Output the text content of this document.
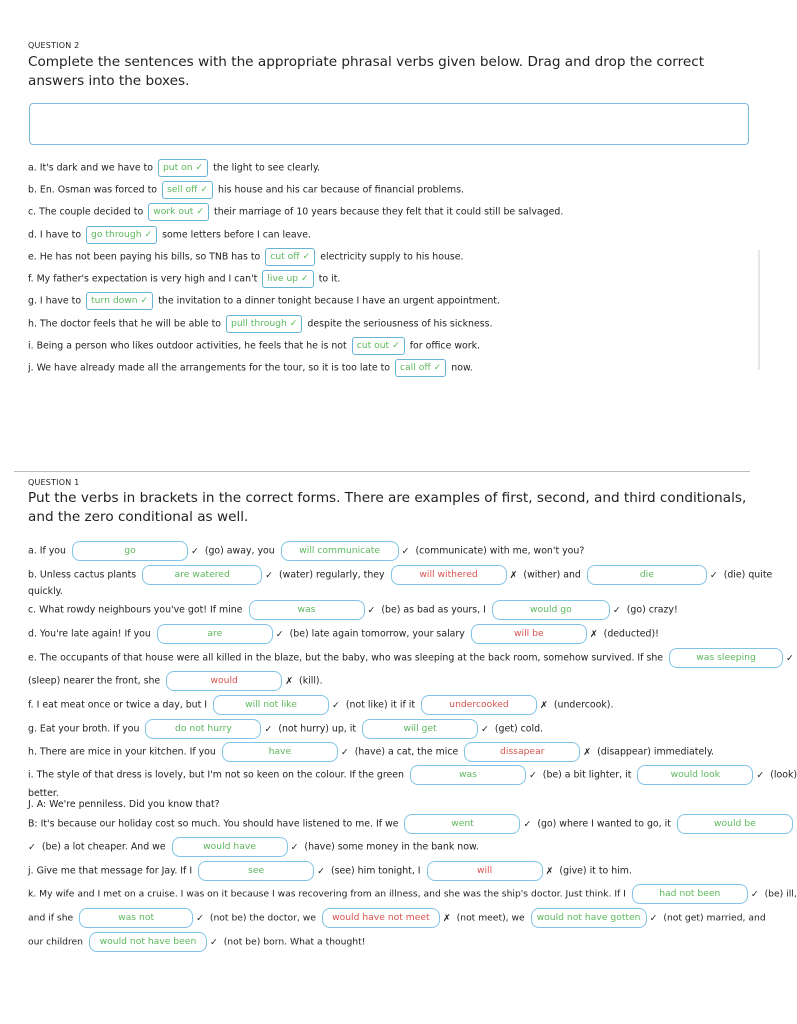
QUESTION 2
Complete the sentences with the appropriate phrasal verbs given below. Drag and drop the correct answers into the boxes.
a. It's dark and we have to put on ✓ the light to see clearly.
b. En. Osman was forced to sell off ✓ his house and his car because of financial problems.
c. The couple decided to work out ✓ their marriage of 10 years because they felt that it could still be salvaged.
d. I have to go through ✓ some letters before I can leave.
e. He has not been paying his bills, so TNB has to cut off ✓ electricity supply to his house.
f. My father's expectation is very high and I can't live up ✓ to it.
g. I have to turn down ✓ the invitation to a dinner tonight because I have an urgent appointment.
h. The doctor feels that he will be able to pull through ✓ despite the seriousness of his sickness.
i. Being a person who likes outdoor activities, he feels that he is not cut out ✓ for office work.
j. We have already made all the arrangements for the tour, so it is too late to call off ✓ now.
QUESTION 1
Put the verbs in brackets in the correct forms. There are examples of first, second, and third conditionals, and the zero conditional as well.
a. If you	go	✓ (go) away, you	will communicate ✓ (communicate) with me, won't you?
b. Unless cactus plants	are watered	✓ (water) regularly, they	will withered	✗ (wither) and	die	✓ (die) quite
quickly.
c. What rowdy neighbours you've got! If mine	was	✓ (be) as bad as yours, I	would go	✓ (go) crazy!
d. You're late again! If you	are	✓ (be) late again tomorrow, your salary	will be	✗ (deducted)!
e. The occupants of that house were all killed in the blaze, but the baby, who was sleeping at the back room, somehow survived. If she	was sleeping	✓
(sleep) nearer the front, she	would	✗ (kill).
f. I eat meat once or twice a day, but I	will not like	✓ (not like) it if it	undercooked	✗ (undercook).
g. Eat your broth. If you	do not hurry	✓ (not hurry) up, it	will get	✓ (get) cold.
h. There are mice in your kitchen. If you	have	✓ (have) a cat, the mice	dissapear	✗ (disappear) immediately.
i. The style of that dress is lovely, but I'm not so keen on the colour. If the green	was	✓ (be) a bit lighter, it	would look	✓ (look)
better.
J. A: We're penniless. Did you know that?
B: It's because our holiday cost so much. You should have listened to me. If we	went	✓ (go) where I wanted to go, it	would be
✓ (be) a lot cheaper. And we	would have	✓ (have) some money in the bank now.
j. Give me that message for Jay. If I	see	✓ (see) him tonight, I	will	✗ (give) it to him.
k. My wife and I met on a cruise. I was on it because I was recovering from an illness, and she was the ship's doctor. Just think. If I	had not been	✓ (be) ill,
and if she	was not	✓ (not be) the doctor, we would have not meet ✗ (not meet), we would not have gotten ✓ (not get) married, and
our children would not have been ✓ (not be) born. What a thought!
